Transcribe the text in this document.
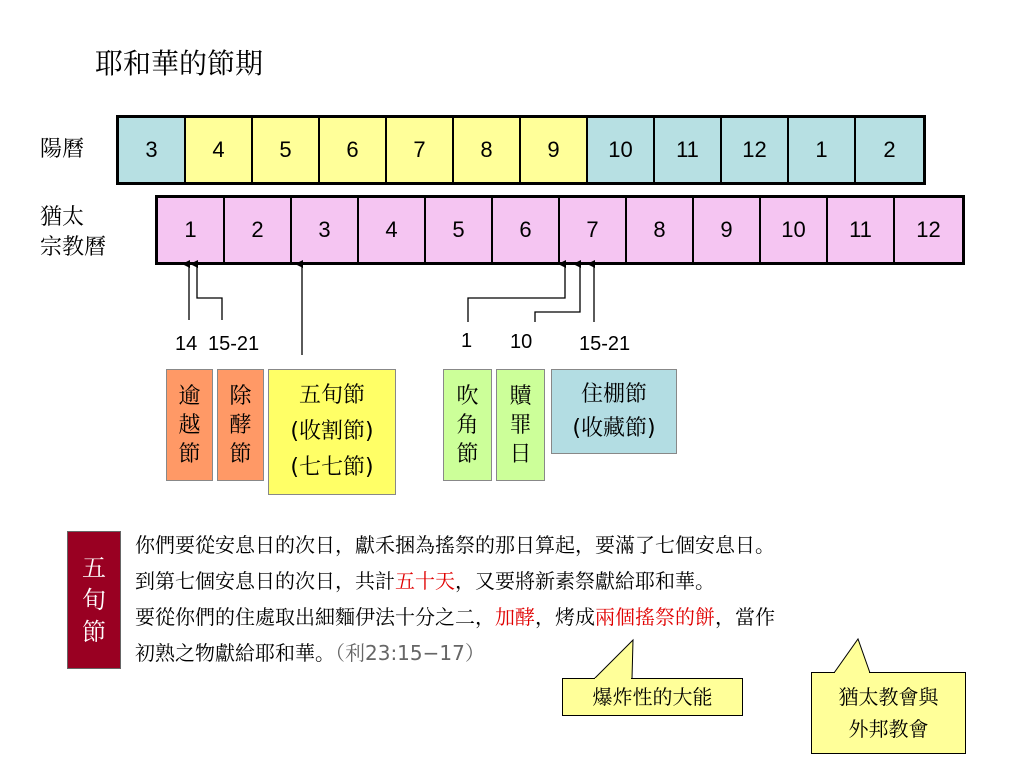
耶和華的節期
陽曆	3	4	5	6	7	8	9	10	11	12	1	2
猶太
宗教曆
1	2	3	4	5	6	7	8	9	10	11	12
14 15-21	1 10 15-21
逾
越
節
除
酵
節
五旬節
(收割節)
(七七節)
吹
角
節
贖
罪
日
住棚節
(收藏節)
五
旬
節
你們要從安息日的次日，獻禾捆為搖祭的那日算起，要滿了七個安息日。
到第七個安息日的次日，共計五十天，又要將新素祭獻給耶和華。
要從你們的住處取出細麵伊法十分之二，加酵，烤成兩個搖祭的餅，當作
初熟之物獻給耶和華。（利23:15−17）
爆炸性的大能	猶太教會與
外邦教會
